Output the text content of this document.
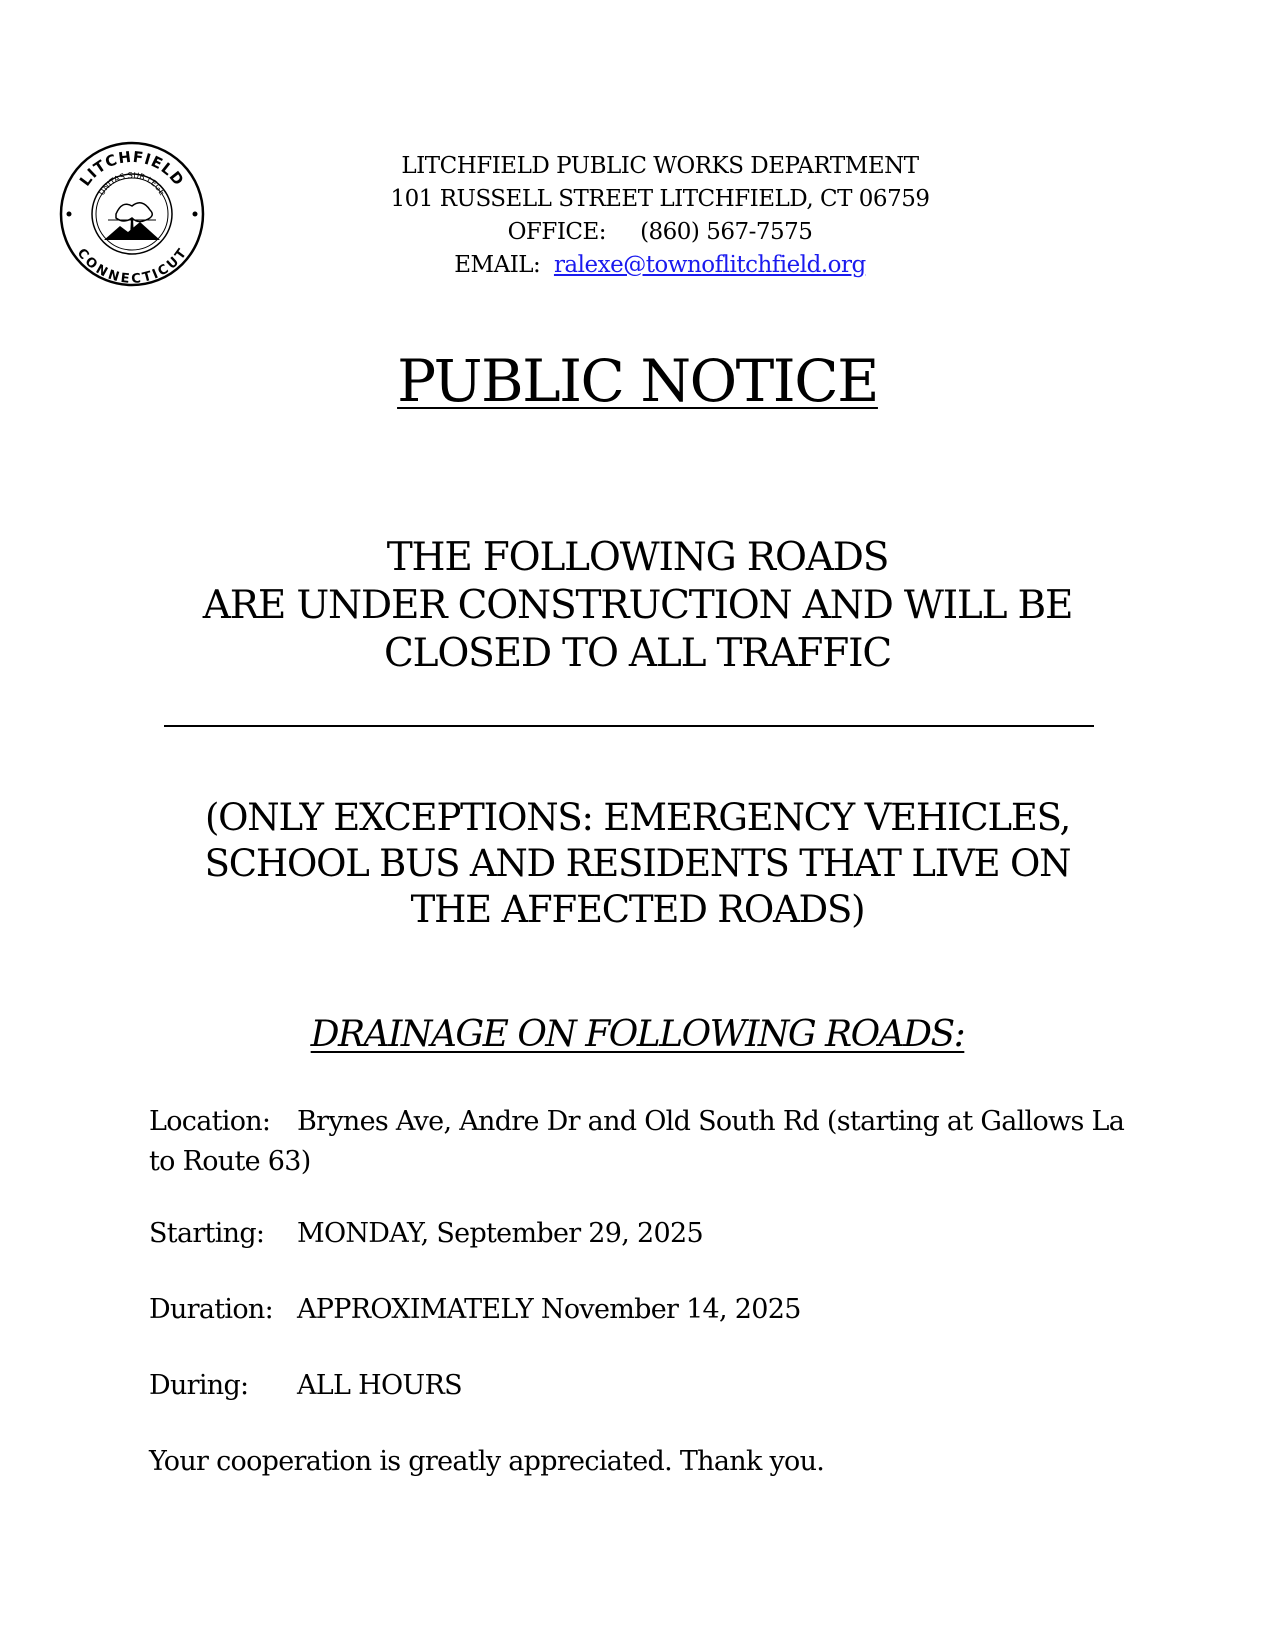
LITCHFIELD
CONNECTICUT
UNITAS SUB LEGE
LITCHFIELD PUBLIC WORKS DEPARTMENT
101 RUSSELL STREET LITCHFIELD, CT 06759
OFFICE: (860) 567-7575
EMAIL: ralexe@townoflitchfield.org
PUBLIC NOTICE
THE FOLLOWING ROADS
ARE UNDER CONSTRUCTION AND WILL BE
CLOSED TO ALL TRAFFIC
(ONLY EXCEPTIONS: EMERGENCY VEHICLES,
SCHOOL BUS AND RESIDENTS THAT LIVE ON
THE AFFECTED ROADS)
DRAINAGE ON FOLLOWING ROADS:
Location: Brynes Ave, Andre Dr and Old South Rd (starting at Gallows La to Route 63)
Starting: MONDAY, September 29, 2025
Duration: APPROXIMATELY November 14, 2025
During: ALL HOURS
Your cooperation is greatly appreciated. Thank you.
